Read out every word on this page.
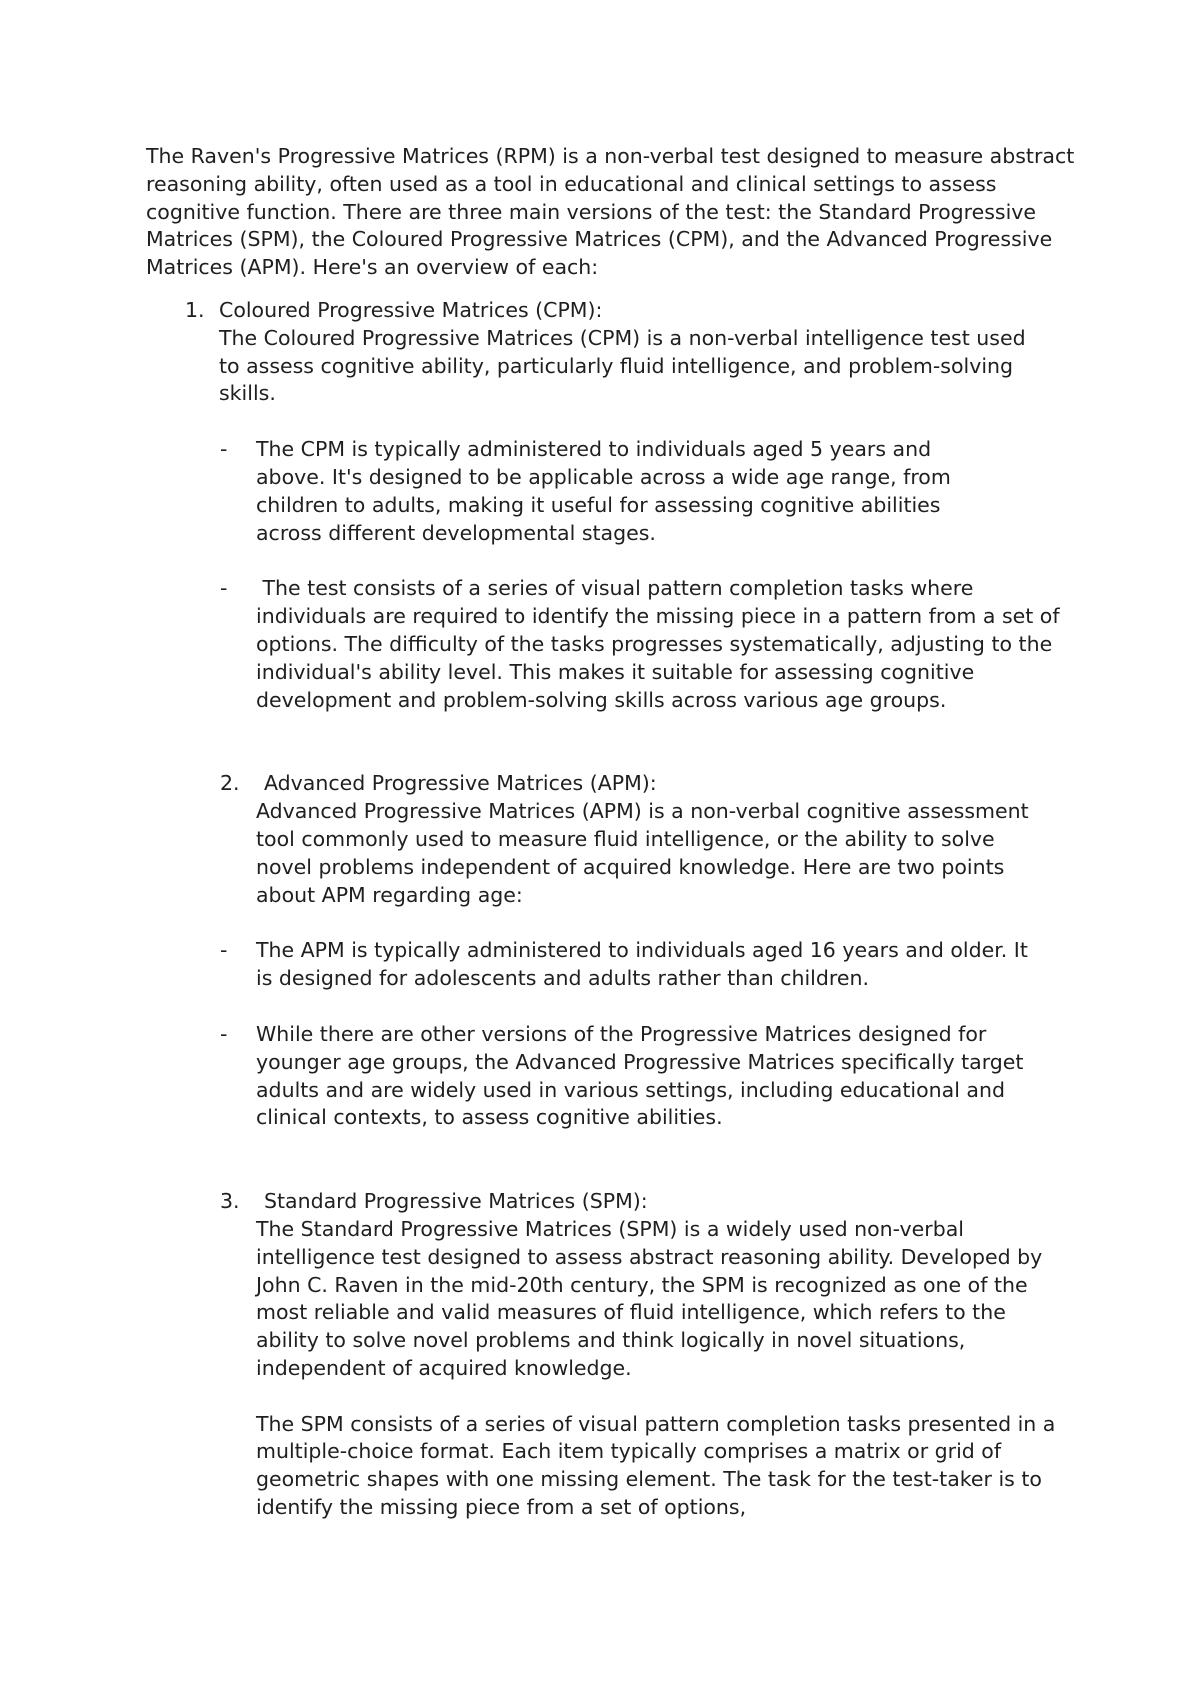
The Raven's Progressive Matrices (RPM) is a non-verbal test designed to measure abstract reasoning ability, often used as a tool in educational and clinical settings to assess cognitive function. There are three main versions of the test: the Standard Progressive Matrices (SPM), the Coloured Progressive Matrices (CPM), and the Advanced Progressive Matrices (APM). Here's an overview of each:

1. Coloured Progressive Matrices (CPM):

The Coloured Progressive Matrices (CPM) is a non-verbal intelligence test used to assess cognitive ability, particularly fluid intelligence, and problem-solving skills.

-	The CPM is typically administered to individuals aged 5 years and above. It's designed to be applicable across a wide age range, from children to adults, making it useful for assessing cognitive abilities across different developmental stages.

-	The test consists of a series of visual pattern completion tasks where individuals are required to identify the missing piece in a pattern from a set of options. The difficulty of the tasks progresses systematically, adjusting to the individual's ability level. This makes it suitable for assessing cognitive development and problem-solving skills across various age groups.

2.	Advanced Progressive Matrices (APM):

Advanced Progressive Matrices (APM) is a non-verbal cognitive assessment tool commonly used to measure fluid intelligence, or the ability to solve novel problems independent of acquired knowledge. Here are two points about APM regarding age:

-	The APM is typically administered to individuals aged 16 years and older. It is designed for adolescents and adults rather than children.

-	While there are other versions of the Progressive Matrices designed for younger age groups, the Advanced Progressive Matrices specifically target adults and are widely used in various settings, including educational and clinical contexts, to assess cognitive abilities.

3.	Standard Progressive Matrices (SPM):

The Standard Progressive Matrices (SPM) is a widely used non-verbal intelligence test designed to assess abstract reasoning ability. Developed by John C. Raven in the mid-20th century, the SPM is recognized as one of the most reliable and valid measures of fluid intelligence, which refers to the ability to solve novel problems and think logically in novel situations, independent of acquired knowledge.

The SPM consists of a series of visual pattern completion tasks presented in a multiple-choice format. Each item typically comprises a matrix or grid of geometric shapes with one missing element. The task for the test-taker is to identify the missing piece from a set of options,
